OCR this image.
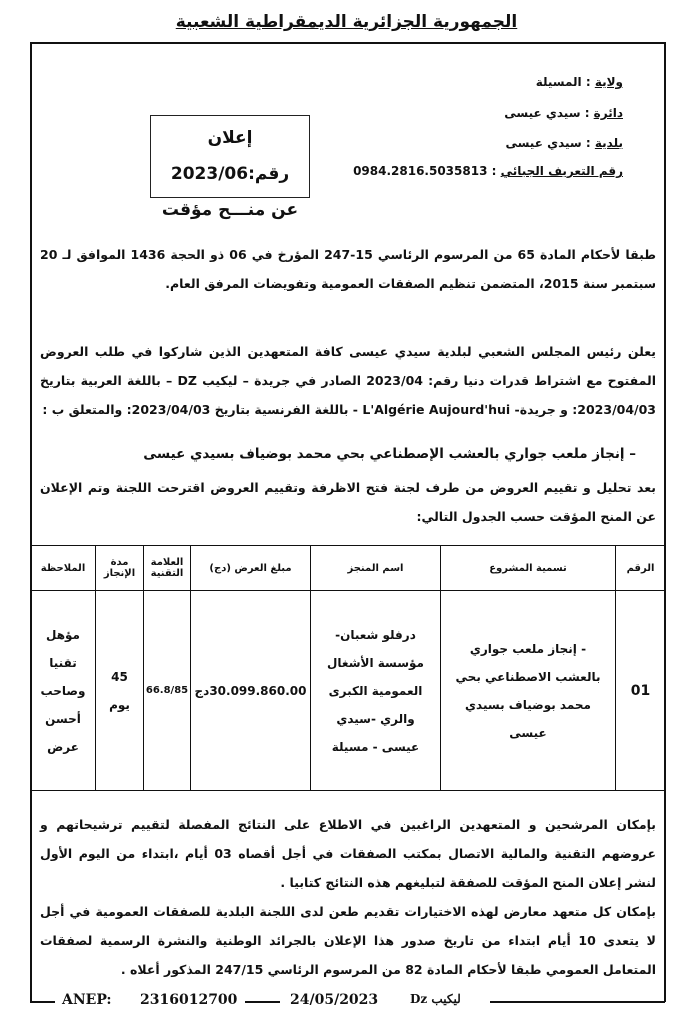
الجمهورية الجزائرية الديمقراطية الشعبية
ولاية : المسيلة
دائرة : سيدي عيسى
بلدية : سيدي عيسى
رقم التعريف الجبائي : 0984.2816.5035813
إعلان رقم:2023/06
عن منـــح مؤقت
طبقا لأحكام المادة 65 من المرسوم الرئاسي 15-247 المؤرخ في 06 ذو الحجة 1436 الموافق لـ 20 سبتمبر سنة 2015، المتضمن تنظيم الصفقات العمومية وتفويضات المرفق العام.
يعلن رئيس المجلس الشعبي لبلدية سيدي عيسى كافة المتعهدين الذين شاركوا في طلب العروض المفتوح مع اشتراط قدرات دنيا رقم: 2023/04 الصادر في جريدة – ليكيب DZ – باللغة العربية بتاريخ 2023/04/03: و جريدة- L'Algérie Aujourd'hui - باللغة الفرنسية بتاريخ 2023/04/03: والمتعلق ب :
– إنجاز ملعب جواري بالعشب الإصطناعي بحي محمد بوضياف بسيدي عيسى
بعد تحليل و تقييم العروض من طرف لجنة فتح الاظرفة وتقييم العروض اقترحت اللجنة وتم الإعلان عن المنح المؤقت حسب الجدول التالي:
الرقم	تسمية المشروع	اسم المنجز	مبلغ العرض (دج)	العلامة التقنية	مدة الإنجاز	الملاحظة
01	- إنجاز ملعب جواري بالعشب الاصطناعي بحي محمد بوضياف بسيدي عيسى	درفلو شعبان- مؤسسة الأشغال العمومية الكبرى والري -سيدي عيسى - مسيلة	30.099.860.00دج	66.8/85	45 يوم	مؤهل تقنيا وصاحب أحسن عرض
بإمكان المرشحين و المتعهدين الراغبين في الاطلاع على النتائج المفصلة لتقييم ترشيحاتهم و عروضهم التقنية والمالية الاتصال بمكتب الصفقات في أجل أقصاه 03 أيام ،ابتداء من اليوم الأول لنشر إعلان المنح المؤقت للصفقة لتبليغهم هذه النتائج كتابيا .
بإمكان كل متعهد معارض لهذه الاختيارات تقديم طعن لدى اللجنة البلدية للصفقات العمومية في أجل لا يتعدى 10 أيام ابتداء من تاريخ صدور هذا الإعلان بالجرائد الوطنية والنشرة الرسمية لصفقات المتعامل العمومي طبقا لأحكام المادة 82 من المرسوم الرئاسي 247/15 المذكور أعلاه .
ANEP: 2316012700	24/05/2023	ليكيب Dz
